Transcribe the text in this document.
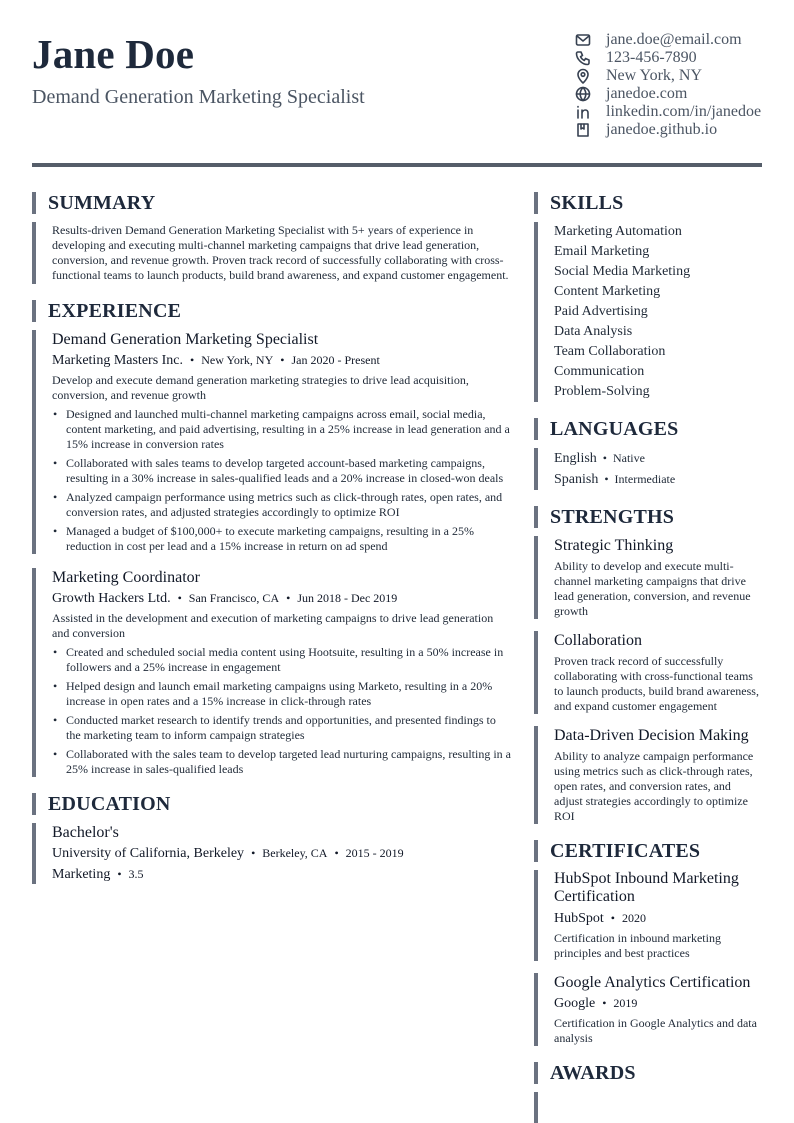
Jane Doe
Demand Generation Marketing Specialist
jane.doe@email.com
123-456-7890
New York, NY
janedoe.com
linkedin.com/in/janedoe
janedoe.github.io
SUMMARY
Results-driven Demand Generation Marketing Specialist with 5+ years of experience in developing and executing multi-channel marketing campaigns that drive lead generation, conversion, and revenue growth. Proven track record of successfully collaborating with cross-functional teams to launch products, build brand awareness, and expand customer engagement.
EXPERIENCE
Demand Generation Marketing Specialist
Marketing Masters Inc. • New York, NY • Jan 2020 - Present
Develop and execute demand generation marketing strategies to drive lead acquisition, conversion, and revenue growth
• Designed and launched multi-channel marketing campaigns across email, social media, content marketing, and paid advertising, resulting in a 25% increase in lead generation and a 15% increase in conversion rates
• Collaborated with sales teams to develop targeted account-based marketing campaigns, resulting in a 30% increase in sales-qualified leads and a 20% increase in closed-won deals
• Analyzed campaign performance using metrics such as click-through rates, open rates, and conversion rates, and adjusted strategies accordingly to optimize ROI
• Managed a budget of $100,000+ to execute marketing campaigns, resulting in a 25% reduction in cost per lead and a 15% increase in return on ad spend
Marketing Coordinator
Growth Hackers Ltd. • San Francisco, CA • Jun 2018 - Dec 2019
Assisted in the development and execution of marketing campaigns to drive lead generation and conversion
• Created and scheduled social media content using Hootsuite, resulting in a 50% increase in followers and a 25% increase in engagement
• Helped design and launch email marketing campaigns using Marketo, resulting in a 20% increase in open rates and a 15% increase in click-through rates
• Conducted market research to identify trends and opportunities, and presented findings to the marketing team to inform campaign strategies
• Collaborated with the sales team to develop targeted lead nurturing campaigns, resulting in a 25% increase in sales-qualified leads
EDUCATION
Bachelor's
University of California, Berkeley • Berkeley, CA • 2015 - 2019
Marketing • 3.5
SKILLS
Marketing Automation
Email Marketing
Social Media Marketing
Content Marketing
Paid Advertising
Data Analysis
Team Collaboration
Communication
Problem-Solving
LANGUAGES
English • Native
Spanish • Intermediate
STRENGTHS
Strategic Thinking
Ability to develop and execute multi-channel marketing campaigns that drive lead generation, conversion, and revenue growth
Collaboration
Proven track record of successfully collaborating with cross-functional teams to launch products, build brand awareness, and expand customer engagement
Data-Driven Decision Making
Ability to analyze campaign performance using metrics such as click-through rates, open rates, and conversion rates, and adjust strategies accordingly to optimize ROI
CERTIFICATES
HubSpot Inbound Marketing Certification
HubSpot • 2020
Certification in inbound marketing principles and best practices
Google Analytics Certification
Google • 2019
Certification in Google Analytics and data analysis
AWARDS
